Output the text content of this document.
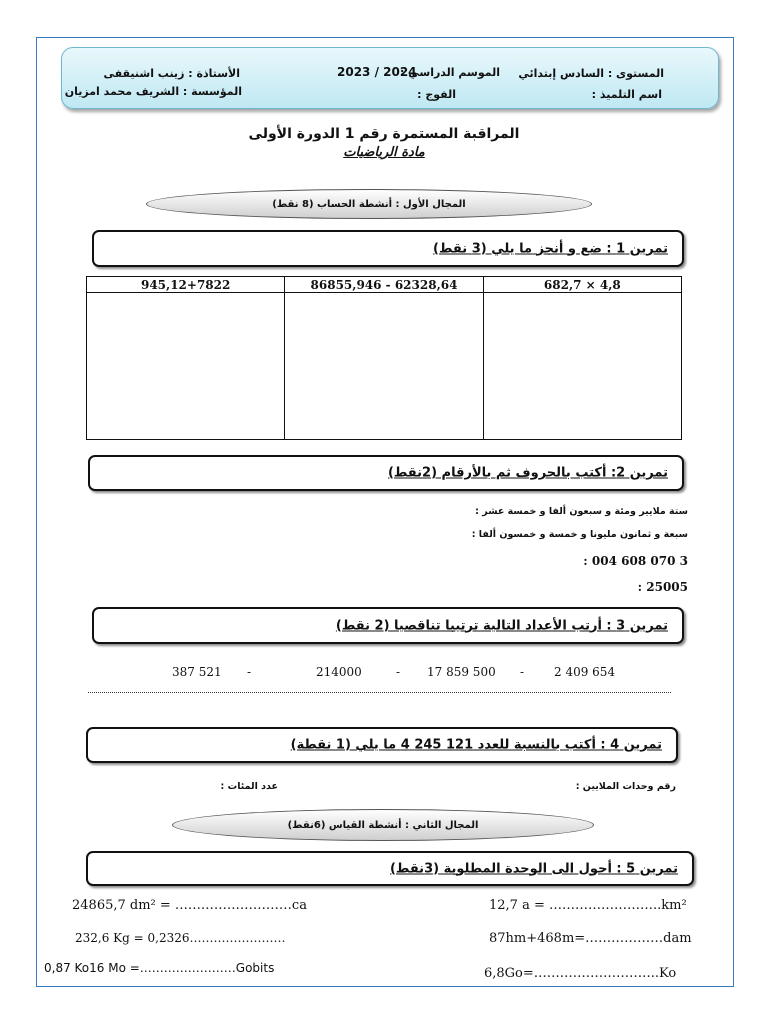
المستوى : السادس إبتدائي
اسم التلميذ :
الموسم الدراسي :
2023 / 2024
الفوج :
الأستاذة : زينب اشنيقفى
المؤسسة : الشريف محمد امزيان
المراقبة المستمرة رقم 1 الدورة الأولى
مادة الرياضيات
المجال الأول : أنشطة الحساب (8 نقط)
تمرين 1 : ضع و أنجز ما يلي (3 نقط)
945,12+7822	86855,946 - 62328,64	682,7 × 4,8

تمرين 2: أكتب بالحروف ثم بالأرقام (2نقط)
ستة ملايير ومئة و سبعون ألفا و خمسة عشر :
سبعة و ثمانون مليونا و خمسة و خمسون ألفا :
3 070 608 004 :
25005 :
تمرين 3 : أرتب الأعداد التالية ترتيبا تناقصيا (2 نقط)
387 521 -	214000	- 17 859 500 - 2 409 654
تمرين 4 : أكتب بالنسبة للعدد 121 245 4 ما يلي (1 نقطة)
رقم وحدات الملايين :
عدد المئات :
المجال الثاني : أنشطة القياس (6نقط)
تمرين 5 : أحول الى الوحدة المطلوبة (3نقط)
12,7 a = ……………………..km²
24865,7 dm² = ………………………ca
87hm+468m=………………dam
232,6 Kg = 0,2326……………………
6,8Go=………………………..Ko
0,87 Ko16 Mo =……………………Gobits
